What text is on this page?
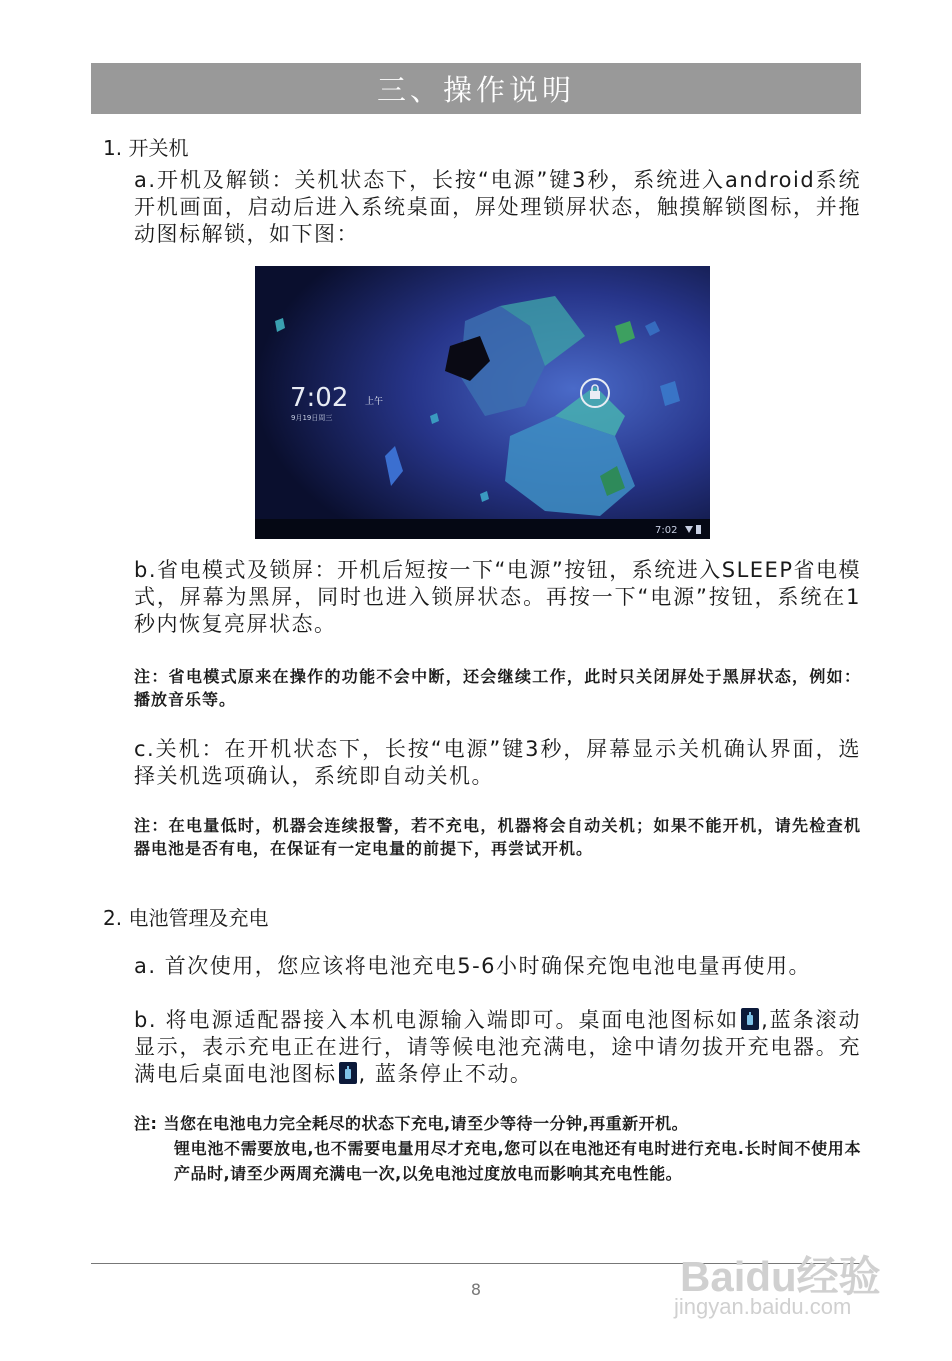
三、操作说明
1. 开关机
a.开机及解锁：关机状态下，长按“电源”键3秒，系统进入android系统开机画面，启动后进入系统桌面，屏处理锁屏状态，触摸解锁图标，并拖动图标解锁，如下图：
7:02 上午
9月19日周三
7:02
b.省电模式及锁屏：开机后短按一下“电源”按钮，系统进入SLEEP省电模式，屏幕为黑屏，同时也进入锁屏状态。再按一下“电源”按钮，系统在1秒内恢复亮屏状态。
注：省电模式原来在操作的功能不会中断，还会继续工作，此时只关闭屏处于黑屏状态，例如：播放音乐等。
c.关机：在开机状态下，长按“电源”键3秒，屏幕显示关机确认界面，选择关机选项确认，系统即自动关机。
注：在电量低时，机器会连续报警，若不充电，机器将会自动关机；如果不能开机，请先检查机器电池是否有电，在保证有一定电量的前提下，再尝试开机。
2. 电池管理及充电
a. 首次使用，您应该将电池充电5-6小时确保充饱电池电量再使用。
b. 将电源适配器接入本机电源输入端即可。桌面电池图标如 ,蓝条滚动显示，表示充电正在进行，请等候电池充满电，途中请勿拔开充电器。充满电后桌面电池图标 , 蓝条停止不动。
注: 当您在电池电力完全耗尽的状态下充电,请至少等待一分钟,再重新开机。
锂电池不需要放电,也不需要电量用尽才充电,您可以在电池还有电时进行充电.长时间不使用本产品时,请至少两周充满电一次,以免电池过度放电而影响其充电性能。
8	Baidu经验
jingyan.baidu.com
